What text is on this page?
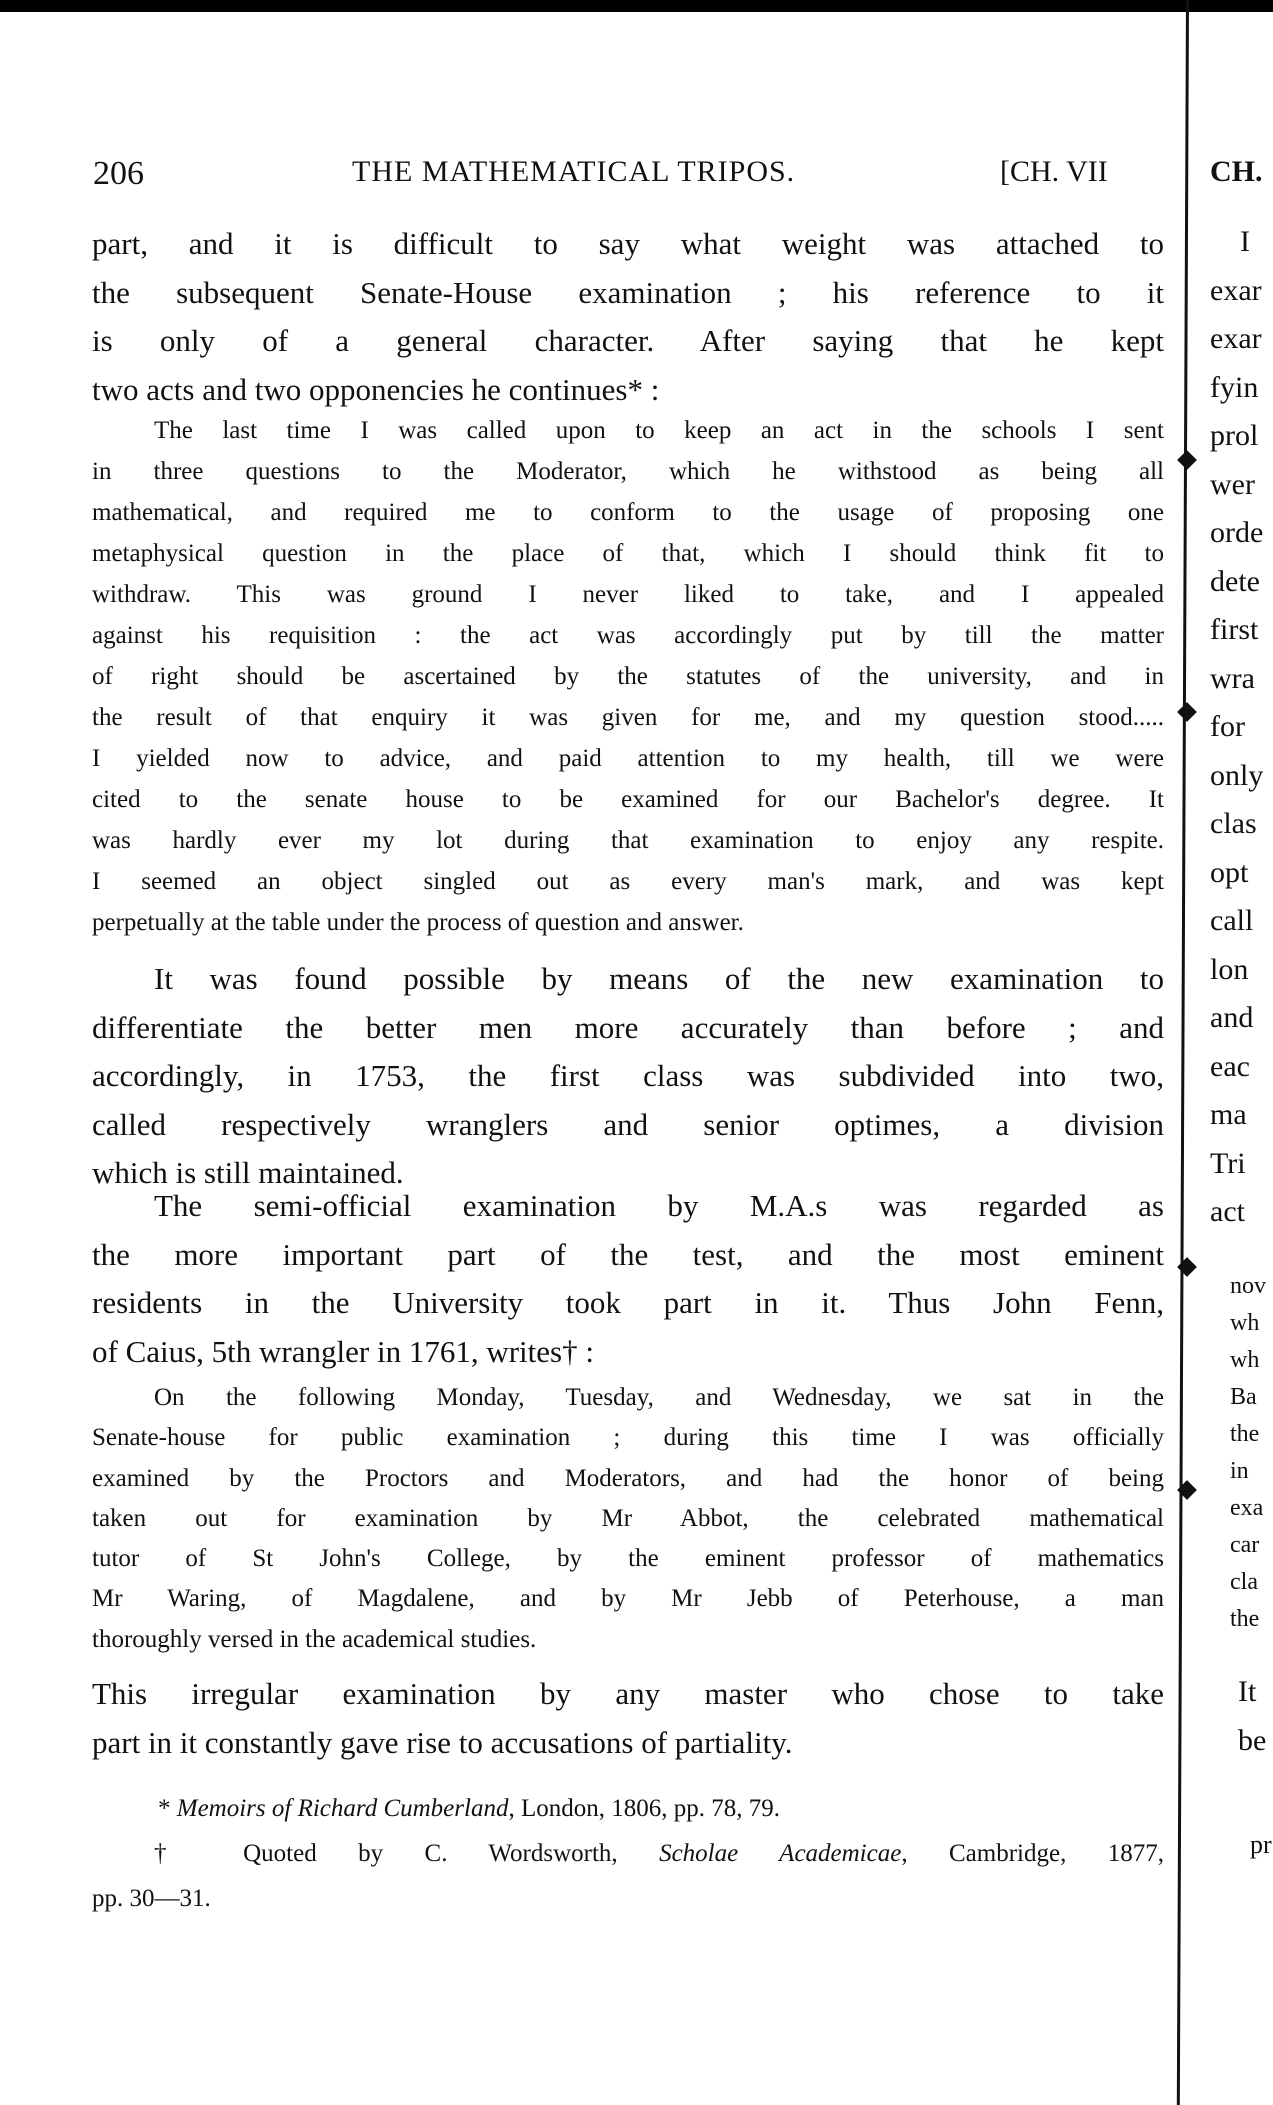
206	THE MATHEMATICAL TRIPOS.	[CH. VII
part, and it is difficult to say what weight was attached to
the subsequent Senate-House examination ; his reference to it
is only of a general character. After saying that he kept
two acts and two opponencies he continues* :
The last time I was called upon to keep an act in the schools I sent
in three questions to the Moderator, which he withstood as being all
mathematical, and required me to conform to the usage of proposing one
metaphysical question in the place of that, which I should think fit to
withdraw. This was ground I never liked to take, and I appealed
against his requisition : the act was accordingly put by till the matter
of right should be ascertained by the statutes of the university, and in
the result of that enquiry it was given for me, and my question stood.....
I yielded now to advice, and paid attention to my health, till we were
cited to the senate house to be examined for our Bachelor's degree. It
was hardly ever my lot during that examination to enjoy any respite.
I seemed an object singled out as every man's mark, and was kept
perpetually at the table under the process of question and answer.
It was found possible by means of the new examination to
differentiate the better men more accurately than before ; and
accordingly, in 1753, the first class was subdivided into two,
called respectively wranglers and senior optimes, a division
which is still maintained.
The semi-official examination by M.A.s was regarded as
the more important part of the test, and the most eminent
residents in the University took part in it. Thus John Fenn,
of Caius, 5th wrangler in 1761, writes† :
On the following Monday, Tuesday, and Wednesday, we sat in the
Senate-house for public examination ; during this time I was officially
examined by the Proctors and Moderators, and had the honor of being
taken out for examination by Mr Abbot, the celebrated mathematical
tutor of St John's College, by the eminent professor of mathematics
Mr Waring, of Magdalene, and by Mr Jebb of Peterhouse, a man
thoroughly versed in the academical studies.
This irregular examination by any master who chose to take
part in it constantly gave rise to accusations of partiality.
* Memoirs of Richard Cumberland, London, 1806, pp. 78, 79.
† Quoted by C. Wordsworth, Scholae Academicae, Cambridge, 1877,
pp. 30—31.
CH.
I
exar
exar
fyin
prol
wer
orde
dete
first
wra
for
only
clas
opt
call
lon
and
eac
ma
Tri
act
nov
wh
wh
Ba
the
in
exa
car
cla
the
It
be
pr
